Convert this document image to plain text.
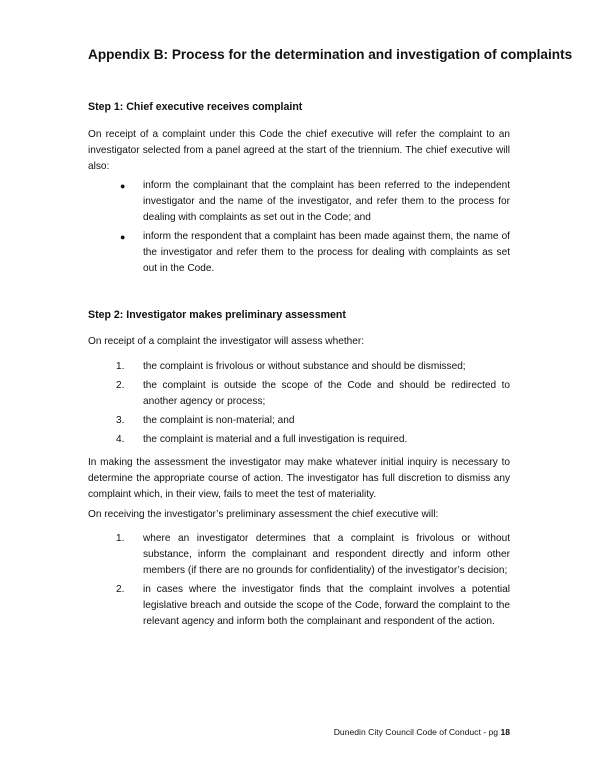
Appendix B: Process for the determination and investigation of complaints
Step 1: Chief executive receives complaint

On receipt of a complaint under this Code the chief executive will refer the complaint to an investigator selected from a panel agreed at the start of the triennium. The chief executive will also:

● inform the complainant that the complaint has been referred to the independent investigator and the name of the investigator, and refer them to the process for dealing with complaints as set out in the Code; and

● inform the respondent that a complaint has been made against them, the name of the investigator and refer them to the process for dealing with complaints as set out in the Code.

Step 2: Investigator makes preliminary assessment

On receipt of a complaint the investigator will assess whether:

1. the complaint is frivolous or without substance and should be dismissed;

2. the complaint is outside the scope of the Code and should be redirected to another agency or process;

3. the complaint is non-material; and

4. the complaint is material and a full investigation is required.

In making the assessment the investigator may make whatever initial inquiry is necessary to determine the appropriate course of action. The investigator has full discretion to dismiss any complaint which, in their view, fails to meet the test of materiality.

On receiving the investigator’s preliminary assessment the chief executive will:

1. where an investigator determines that a complaint is frivolous or without substance, inform the complainant and respondent directly and inform other members (if there are no grounds for confidentiality) of the investigator’s decision;

2. in cases where the investigator finds that the complaint involves a potential legislative breach and outside the scope of the Code, forward the complaint to the relevant agency and inform both the complainant and respondent of the action.

Dunedin City Council Code of Conduct - pg 18
